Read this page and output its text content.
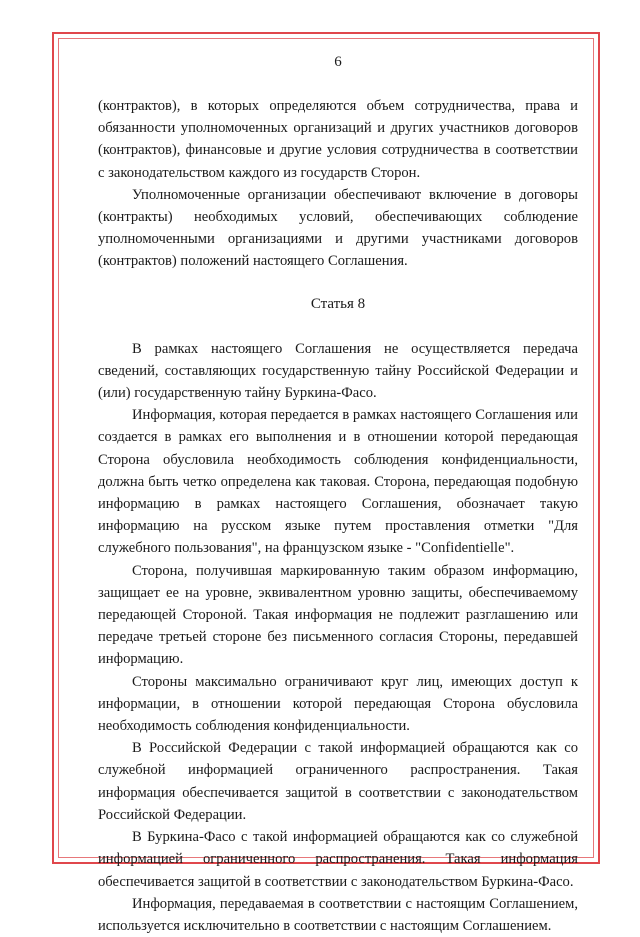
6

(контрактов), в которых определяются объем сотрудничества, права и обязанности уполномоченных организаций и других участников договоров (контрактов), финансовые и другие условия сотрудничества в соответствии с законодательством каждого из государств Сторон.

Уполномоченные организации обеспечивают включение в договоры (контракты) необходимых условий, обеспечивающих соблюдение уполномоченными организациями и другими участниками договоров (контрактов) положений настоящего Соглашения.

Статья 8

В рамках настоящего Соглашения не осуществляется передача сведений, составляющих государственную тайну Российской Федерации и (или) государственную тайну Буркина-Фасо.

Информация, которая передается в рамках настоящего Соглашения или создается в рамках его выполнения и в отношении которой передающая Сторона обусловила необходимость соблюдения конфиденциальности, должна быть четко определена как таковая. Сторона, передающая подобную информацию в рамках настоящего Соглашения, обозначает такую информацию на русском языке путем проставления отметки "Для служебного пользования", на французском языке - "Confidentielle".

Сторона, получившая маркированную таким образом информацию, защищает ее на уровне, эквивалентном уровню защиты, обеспечиваемому передающей Стороной. Такая информация не подлежит разглашению или передаче третьей стороне без письменного согласия Стороны, передавшей информацию.

Стороны максимально ограничивают круг лиц, имеющих доступ к информации, в отношении которой передающая Сторона обусловила необходимость соблюдения конфиденциальности.

В Российской Федерации с такой информацией обращаются как со служебной информацией ограниченного распространения. Такая информация обеспечивается защитой в соответствии с законодательством Российской Федерации.

В Буркина-Фасо с такой информацией обращаются как со служебной информацией ограниченного распространения. Такая информация обеспечивается защитой в соответствии с законодательством Буркина-Фасо.

Информация, передаваемая в соответствии с настоящим Соглашением, используется исключительно в соответствии с настоящим Соглашением.
